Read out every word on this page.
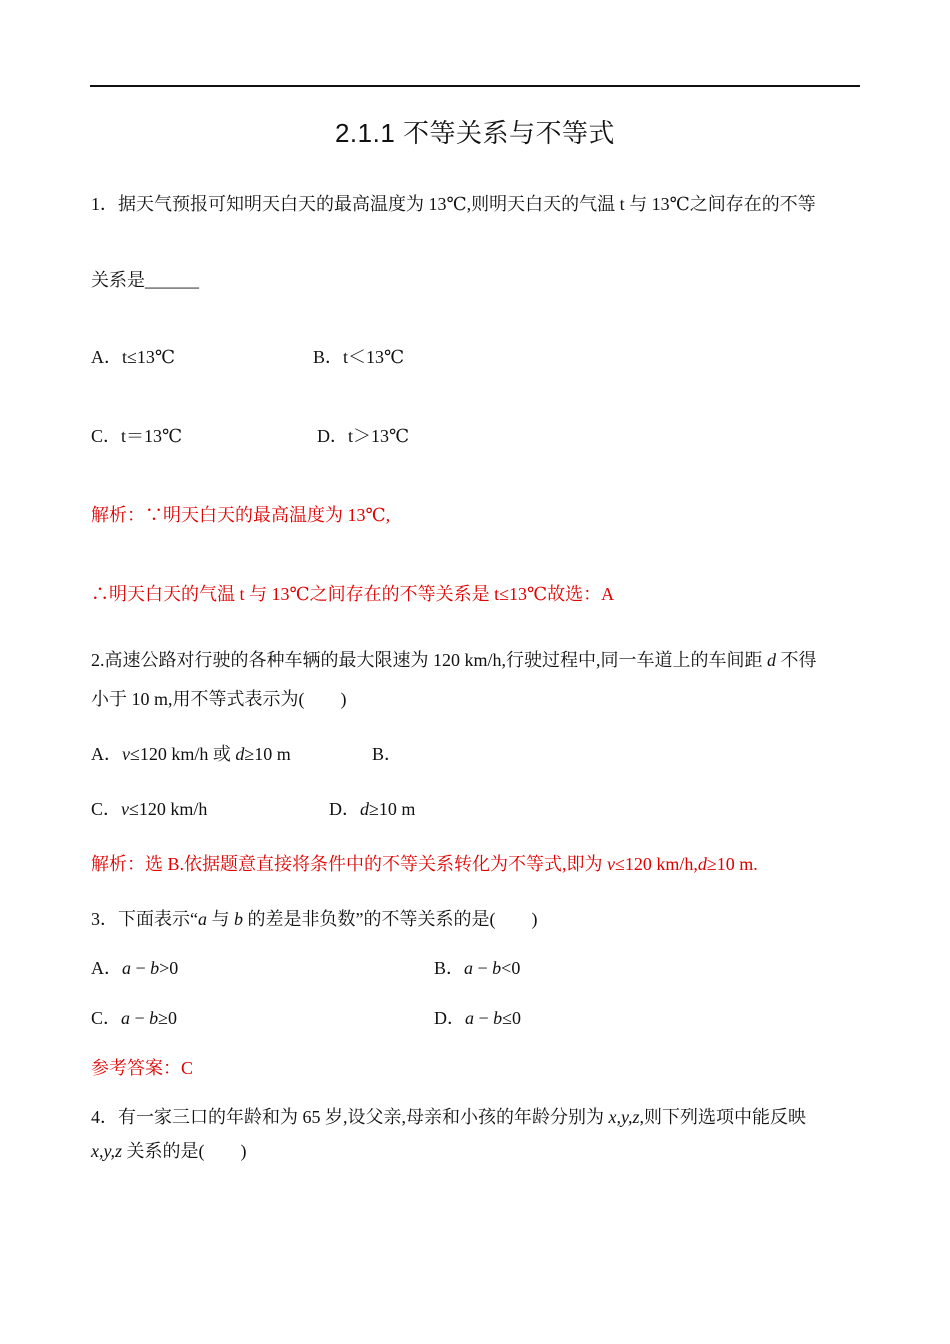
2.1.1 不等关系与不等式
1．据天气预报可知明天白天的最高温度为 13℃,则明天白天的气温 t 与 13℃之间存在的不等
关系是______
A．t≤13℃	B．t＜13℃
C．t＝13℃	D．t＞13℃
解析：∵明天白天的最高温度为 13℃,
∴明天白天的气温 t 与 13℃之间存在的不等关系是 t≤13℃故选：A
2.高速公路对行驶的各种车辆的最大限速为 120 km/h,行驶过程中,同一车道上的车间距 d 不得
小于 10 m,用不等式表示为(　　)
A．v≤120 km/h 或 d≥10 m	B．
C．v≤120 km/h	D．d≥10 m
解析：选 B.依据题意直接将条件中的不等关系转化为不等式,即为 v≤120 km/h,d≥10 m.
3．下面表示“a 与 b 的差是非负数”的不等关系的是(　　)
A．a − b>0	B．a − b<0
C．a − b≥0	D．a − b≤0
参考答案：C
4．有一家三口的年龄和为 65 岁,设父亲,母亲和小孩的年龄分别为 x,y,z,则下列选项中能反映
x,y,z 关系的是(　　)
